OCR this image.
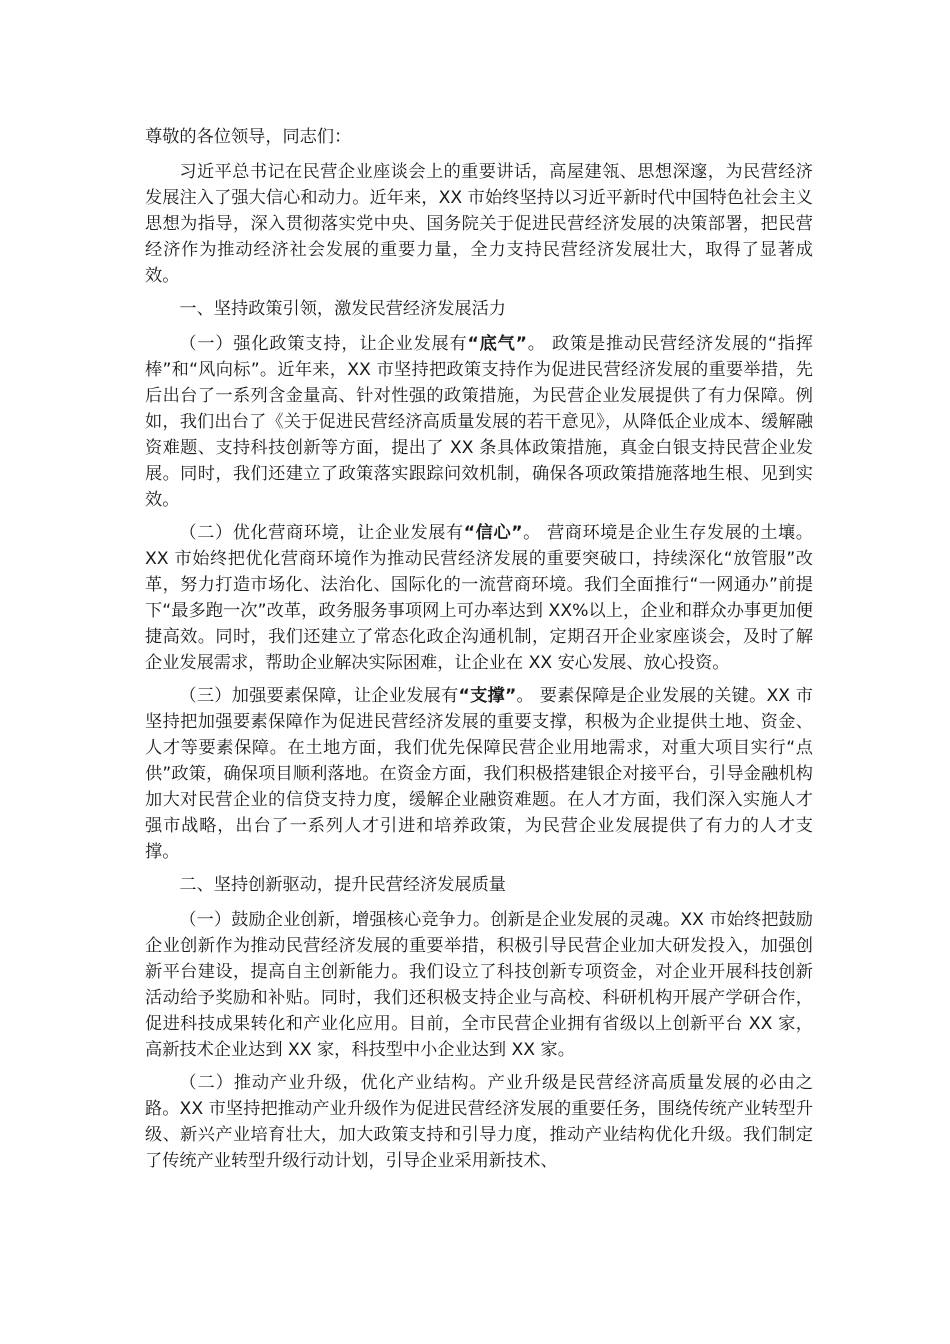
尊敬的各位领导，同志们：

习近平总书记在民营企业座谈会上的重要讲话，高屋建瓴、思想深邃，为民营经济发展注入了强大信心和动力。近年来，XX 市始终坚持以习近平新时代中国特色社会主义思想为指导，深入贯彻落实党中央、国务院关于促进民营经济发展的决策部署，把民营经济作为推动经济社会发展的重要力量，全力支持民营经济发展壮大，取得了显著成效。

一、坚持政策引领，激发民营经济发展活力

（一）强化政策支持，让企业发展有“底气”。 政策是推动民营经济发展的“指挥棒”和“风向标”。近年来，XX 市坚持把政策支持作为促进民营经济发展的重要举措，先后出台了一系列含金量高、针对性强的政策措施，为民营企业发展提供了有力保障。例如，我们出台了《关于促进民营经济高质量发展的若干意见》，从降低企业成本、缓解融资难题、支持科技创新等方面，提出了 XX 条具体政策措施，真金白银支持民营企业发展。同时，我们还建立了政策落实跟踪问效机制，确保各项政策措施落地生根、见到实效。

（二）优化营商环境，让企业发展有“信心”。 营商环境是企业生存发展的土壤。XX 市始终把优化营商环境作为推动民营经济发展的重要突破口，持续深化“放管服”改革，努力打造市场化、法治化、国际化的一流营商环境。我们全面推行“一网通办”前提下“最多跑一次”改革，政务服务事项网上可办率达到 XX%以上，企业和群众办事更加便捷高效。同时，我们还建立了常态化政企沟通机制，定期召开企业家座谈会，及时了解企业发展需求，帮助企业解决实际困难，让企业在 XX 安心发展、放心投资。

（三）加强要素保障，让企业发展有“支撑”。 要素保障是企业发展的关键。XX 市坚持把加强要素保障作为促进民营经济发展的重要支撑，积极为企业提供土地、资金、人才等要素保障。在土地方面，我们优先保障民营企业用地需求，对重大项目实行“点供”政策，确保项目顺利落地。在资金方面，我们积极搭建银企对接平台，引导金融机构加大对民营企业的信贷支持力度，缓解企业融资难题。在人才方面，我们深入实施人才强市战略，出台了一系列人才引进和培养政策，为民营企业发展提供了有力的人才支撑。

二、坚持创新驱动，提升民营经济发展质量

（一）鼓励企业创新，增强核心竞争力。创新是企业发展的灵魂。XX 市始终把鼓励企业创新作为推动民营经济发展的重要举措，积极引导民营企业加大研发投入，加强创新平台建设，提高自主创新能力。我们设立了科技创新专项资金，对企业开展科技创新活动给予奖励和补贴。同时，我们还积极支持企业与高校、科研机构开展产学研合作，促进科技成果转化和产业化应用。目前，全市民营企业拥有省级以上创新平台 XX 家，高新技术企业达到 XX 家，科技型中小企业达到 XX 家。

（二）推动产业升级，优化产业结构。产业升级是民营经济高质量发展的必由之路。XX 市坚持把推动产业升级作为促进民营经济发展的重要任务，围绕传统产业转型升级、新兴产业培育壮大，加大政策支持和引导力度，推动产业结构优化升级。我们制定了传统产业转型升级行动计划，引导企业采用新技术、
